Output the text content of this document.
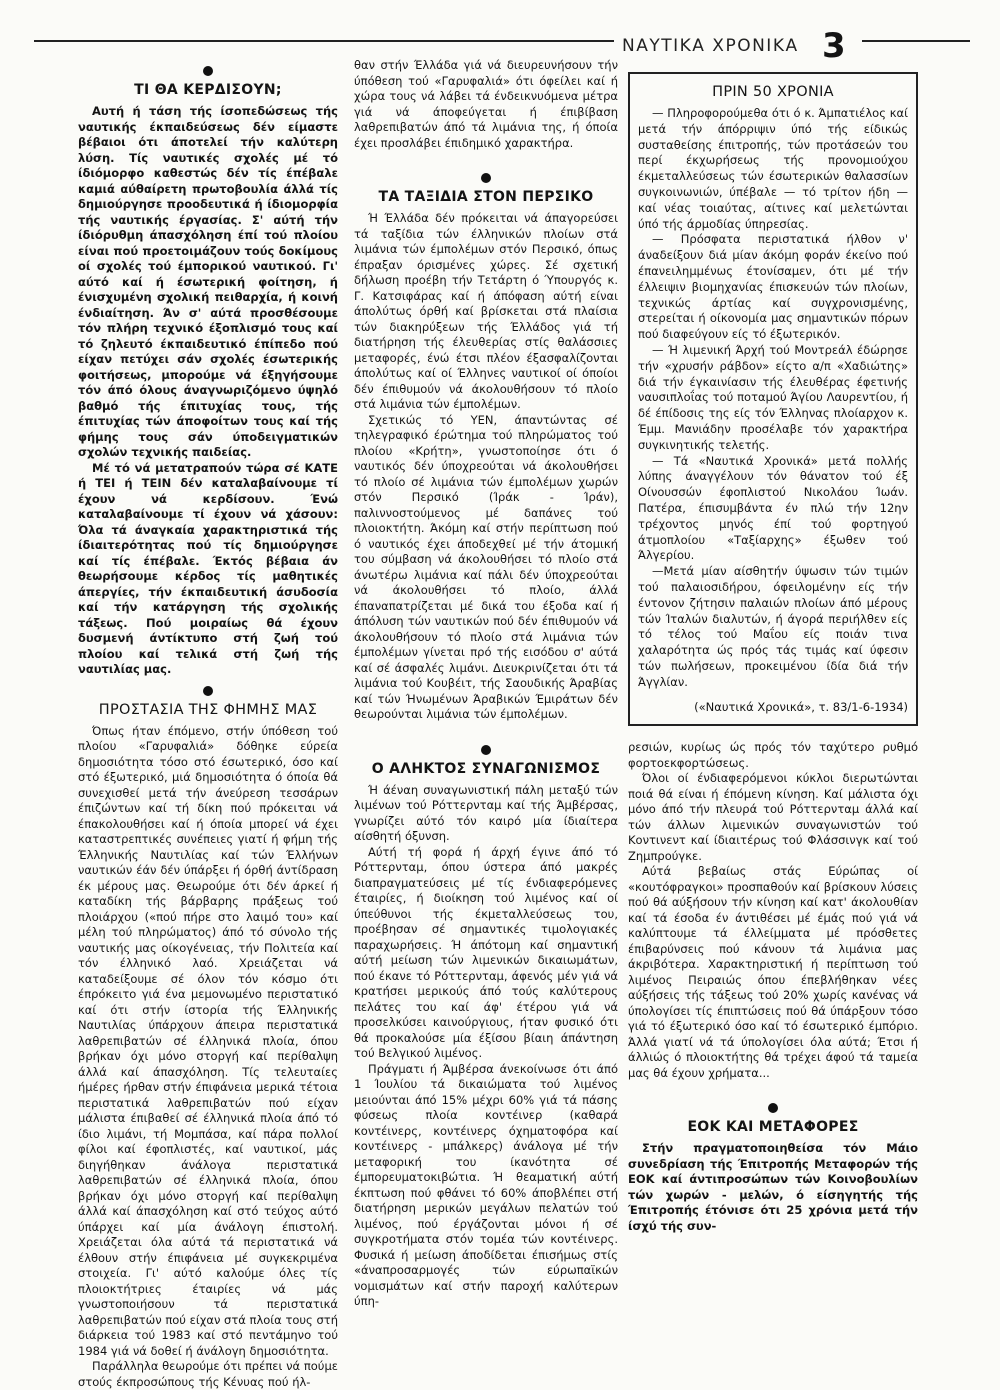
ΝΑΥΤΙΚΑ ΧΡΟΝΙΚΑ 3
ΤΙ ΘΑ ΚΕΡΔΙΣΟΥΝ;

Αυτή ή τάση τής ίσοπεδώσεως τής ναυτικής έκπαιδεύσεως δέν είμαστε βέβαιοι ότι άποτελεί τήν καλύτερη λύση. Τίς ναυτικές σχολές μέ τό ίδιόμορφο καθεστώς δέν τίς έπέβαλε καμιά αύθαίρετη πρωτοβουλία άλλά τίς δημιούργησε προοδευτικά ή ίδιομορφία τής ναυτικής έργασίας. Σ' αύτή τήν ίδιόρυθμη άπασχόληση έπί τού πλοίου είναι πού προετοιμάζουν τούς δοκίμους οί σχολές τού έμπορικού ναυτικού. Γι' αύτό καί ή έσωτερική φοίτηση, ή ένισχυμένη σχολική πειθαρχία, ή κοινή ένδιαίτηση. Άν σ' αύτά προσθέσουμε τόν πλήρη τεχνικό έξοπλισμό τους καί τό ζηλευτό έκπαιδευτικό έπίπεδο πού είχαν πετύχει σάν σχολές έσωτερικής φοιτήσεως, μπορούμε νά έξηγήσουμε τόν άπό όλους άναγνωριζόμενο ύψηλό βαθμό τής έπιτυχίας τους, τής έπιτυχίας τών άποφοίτων τους καί τής φήμης τους σάν ύποδειγματικών σχολών τεχνικής παιδείας.

Μέ τό νά μετατραπούν τώρα σέ ΚΑΤΕ ή ΤΕΙ ή ΤΕΙΝ δέν καταλαβαίνουμε τί έχουν νά κερδίσουν. Ένώ καταλαβαίνουμε τί έχουν νά χάσουν: Όλα τά άναγκαία χαρακτηριστικά τής ίδιαιτερότητας πού τίς δημιούργησε καί τίς έπέβαλε. Έκτός βέβαια άν θεωρήσουμε κέρδος τίς μαθητικές άπεργίες, τήν έκπαιδευτική άσυδοσία καί τήν κατάργηση τής σχολικής τάξεως. Πού μοιραίως θά έχουν δυσμενή άντίκτυπο στή ζωή τού πλοίου καί τελικά στή ζωή τής ναυτιλίας μας.

ΠΡΟΣΤΑΣΙΑ ΤΗΣ ΦΗΜΗΣ ΜΑΣ

Όπως ήταν έπόμενο, στήν ύπόθεση τού πλοίου «Γαρυφαλιά» δόθηκε εύρεία δημοσιότητα τόσο στό έσωτερικό, όσο καί στό έξωτερικό, μιά δημοσιότητα ό όποία θά συνεχισθεί μετά τήν άνεύρεση τεσσάρων έπιζώντων καί τή δίκη πού πρόκειται νά έπακολουθήσει καί ή όποία μπορεί νά έχει καταστρεπτικές συνέπειες γιατί ή φήμη τής Έλληνικής Ναυτιλίας καί τών Έλλήνων ναυτικών έάν δέν ύπάρξει ή όρθή άντίδραση έκ μέρους μας. Θεωρούμε ότι δέν άρκεί ή καταδίκη τής βάρβαρης πράξεως τού πλοιάρχου («πού πήρε στο λαιμό του» καί μέλη τού πληρώματος) άπό τό σύνολο τής ναυτικής μας οίκογένειας, τήν Πολιτεία καί τόν έλληνικό λαό. Χρειάζεται νά καταδείξουμε σέ όλον τόν κόσμο ότι έπρόκειτο γιά ένα μεμονωμένο περιστατικό καί ότι στήν ίστορία τής Έλληνικής Ναυτιλίας ύπάρχουν άπειρα περιστατικά λαθρεπιβατών σέ έλληνικά πλοία, όπου βρήκαν όχι μόνο στοργή καί περίθαλψη άλλά καί άπασχόληση. Τίς τελευταίες ήμέρες ήρθαν στήν έπιφάνεια μερικά τέτοια περιστατικά λαθρεπιβατών πού είχαν μάλιστα έπιβαθεί σέ έλληνικά πλοία άπό τό ίδιο λιμάνι, τή Μομπάσα, καί πάρα πολλοί φίλοι καί έφοπλιστές, καί ναυτικοί, μάς διηγήθηκαν άνάλογα περιστατικά λαθρεπιβατών σέ έλληνικά πλοία, όπου βρήκαν όχι μόνο στοργή καί περίθαλψη άλλά καί άπασχόληση καί στό τεύχος αύτό ύπάρχει καί μία άνάλογη έπιστολή. Χρειάζεται όλα αύτά τά περιστατικά νά έλθουν στήν έπιφάνεια μέ συγκεκριμένα στοιχεία. Γι' αύτό καλούμε όλες τίς πλοιοκτήτριες έταιρίες νά μάς γνωστοποιήσουν τά περιστατικά λαθρεπιβατών πού είχαν στά πλοία τους στή διάρκεια τού 1983 καί στό πεντάμηνο τού 1984 γιά νά δοθεί ή άνάλογη δημοσιότητα.

Παράλληλα θεωρούμε ότι πρέπει νά πούμε στούς έκπροσώπους τής Κένυας πού ήλ-

θαν στήν Έλλάδα γιά νά διευρευνήσουν τήν ύπόθεση τού «Γαρυφαλιά» ότι όφείλει καί ή χώρα τους νά λάβει τά ένδεικνυόμενα μέτρα γιά νά άποφεύγεται ή έπιβίβαση λαθρεπιβατών άπό τά λιμάνια της, ή όποία έχει προσλάβει έπιδημικό χαρακτήρα.

ΤΑ ΤΑΞΙΔΙΑ ΣΤΟΝ ΠΕΡΣΙΚΟ

Ή Έλλάδα δέν πρόκειται νά άπαγορεύσει τά ταξίδια τών έλληνικών πλοίων στά λιμάνια τών έμπολέμων στόν Περσικό, όπως έπραξαν όρισμένες χώρες. Σέ σχετική δήλωση προέβη τήν Τετάρτη ό Ύπουργός κ. Γ. Κατσιφάρας καί ή άπόφαση αύτή είναι άπολύτως όρθή καί βρίσκεται στά πλαίσια τών διακηρύξεων τής Έλλάδος γιά τή διατήρηση τής έλευθερίας στίς θαλάσσιες μεταφορές, ένώ έτσι πλέον έξασφαλίζονται άπολύτως καί οί Έλληνες ναυτικοί οί όποίοι δέν έπιθυμούν νά άκολουθήσουν τό πλοίο στά λιμάνια τών έμπολέμων.

Σχετικώς τό ΥΕΝ, άπαντώντας σέ τηλεγραφικό έρώτημα τού πληρώματος τού πλοίου «Κρήτη», γνωστοποίησε ότι ό ναυτικός δέν ύποχρεούται νά άκολουθήσει τό πλοίο σέ λιμάνια τών έμπολέμων χωρών στόν Περσικό (Ίράκ - Ίράν), παλιννοστούμενος μέ δαπάνες τού πλοιοκτήτη. Άκόμη καί στήν περίπτωση πού ό ναυτικός έχει άποδεχθεί μέ τήν άτομική του σύμβαση νά άκολουθήσει τό πλοίο στά άνωτέρω λιμάνια καί πάλι δέν ύποχρεούται νά άκολουθήσει τό πλοίο, άλλά έπαναπατρίζεται μέ δικά του έξοδα καί ή άπόλυση τών ναυτικών πού δέν έπιθυμούν νά άκολουθήσουν τό πλοίο στά λιμάνια τών έμπολέμων γίνεται πρό τής εισόδου σ' αύτά καί σέ άσφαλές λιμάνι. Διευκρινίζεται ότι τά λιμάνια τού Κουβέιτ, τής Σαουδικής Άραβίας καί τών Ήνωμένων Άραβικών Έμιράτων δέν θεωρούνται λιμάνια τών έμπολέμων.

Ο ΑΛΗΚΤΟΣ ΣΥΝΑΓΩΝΙΣΜΟΣ

Ή άέναη συναγωνιστική πάλη μεταξύ τών λιμένων τού Ρόττερνταμ καί τής Άμβέρσας, γνωρίζει αύτό τόν καιρό μία ίδιαίτερα αίσθητή όξυνση.

Αύτή τή φορά ή άρχή έγινε άπό τό Ρόττερνταμ, όπου ύστερα άπό μακρές διαπραγματεύσεις μέ τίς ένδιαφερόμενες έταιρίες, ή διοίκηση τού λιμένος καί οί ύπεύθυνοι τής έκμεταλλεύσεως του, προέβησαν σέ σημαντικές τιμολογιακές παραχωρήσεις. Ή άπότομη καί σημαντική αύτή μείωση τών λιμενικών δικαιωμάτων, πού έκανε τό Ρόττερνταμ, άφενός μέν γιά νά κρατήσει μερικούς άπό τούς καλύτερους πελάτες του καί άφ' έτέρου γιά νά προσελκύσει καινούργιους, ήταν φυσικό ότι θά προκαλούσε μία έξίσου βίαιη άπάντηση τού Βελγικού λιμένος.

Πράγματι ή Άμβέρσα άνεκοίνωσε ότι άπό 1 Ίουλίου τά δικαιώματα τού λιμένος μειούνται άπό 15% μέχρι 60% γιά τά πάσης φύσεως πλοία κοντέινερ (καθαρά κοντέινερς, κοντέινερς όχηματοφόρα καί κοντέινερς - μπάλκερς) άνάλογα μέ τήν μεταφορική του ίκανότητα σέ έμπορευματοκιβώτια. Ή θεαματική αύτή έκπτωση πού φθάνει τό 60% άποβλέπει στή διατήρηση μερικών μεγάλων πελατών τού λιμένος, πού έργάζονται μόνοι ή σέ συγκροτήματα στόν τομέα τών κοντέινερς. Φυσικά ή μείωση άποδίδεται έπισήμως στίς «άναπροσαρμογές τών εύρωπαϊκών νομισμάτων καί στήν παροχή καλύτερων ύπη-

ΠΡΙΝ 50 ΧΡΟΝΙΑ

— Πληροφορούμεθα ότι ό κ. Άμπατιέλος καί μετά τήν άπόρριψιν ύπό τής είδικώς συσταθείσης έπιτροπής, τών προτάσεών του περί έκχωρήσεως τής προνομιούχου έκμεταλλεύσεως τών έσωτερικών θαλασσίων συγκοινωνιών, ύπέβαλε — τό τρίτον ήδη — καί νέας τοιαύτας, αίτινες καί μελετώνται ύπό τής άρμοδίας ύπηρεσίας.

— Πρόσφατα περιστατικά ήλθον ν' άναδείξουν διά μίαν άκόμη φοράν έκείνο πού έπανειλημμένως έτονίσαμεν, ότι μέ τήν έλλειψιν βιομηχανίας έπισκευών τών πλοίων, τεχνικώς άρτίας καί συγχρονισμένης, στερείται ή οίκονομία μας σημαντικών πόρων πού διαφεύγουν είς τό έξωτερικόν.

— Ή λιμενική Άρχή τού Μοντρεάλ έδώρησε τήν «χρυσήν ράβδον» είςτο α/π «Χαδιώτης» διά τήν έγκαινίασιν τής έλευθέρας έφετινής ναυσιπλοΐας τού ποταμού Άγίου Λαυρεντίου, ή δέ έπίδοσις της είς τόν Έλληνας πλοίαρχον κ. Έμμ. Μανιάδην προσέλαβε τόν χαρακτήρα συγκινητικής τελετής.

— Τά «Ναυτικά Χρονικά» μετά πολλής λύπης άναγγέλουν τόν θάνατον τού έξ Οίνουσσών έφοπλιστού Νικολάου Ίωάν. Πατέρα, έπισυμβάντα έν πλώ τήν 12ην τρέχοντος μηνός έπί τού φορτηγού άτμοπλοίου «Ταξίαρχης» έξωθεν τού Άλγερίου.

—Μετά μίαν αίσθητήν ύψωσιν τών τιμών τού παλαιοσιδήρου, όφειλομένην είς τήν έντονον ζήτησιν παλαιών πλοίων άπό μέρους τών Ίταλών διαλυτών, ή άγορά περιήλθεν είς τό τέλος τού Μαΐου είς ποιάν τινα χαλαρότητα ώς πρός τάς τιμάς καί ύφεσιν τών πωλήσεων, προκειμένου ίδία διά τήν Άγγλίαν.

(«Ναυτικά Χρονικά», τ. 83/1-6-1934)

ρεσιών, κυρίως ώς πρός τόν ταχύτερο ρυθμό φορτοεκφορτώσεως.

Όλοι οί ένδιαφερόμενοι κύκλοι διερωτώνται ποιά θά είναι ή έπόμενη κίνηση. Καί μάλιστα όχι μόνο άπό τήν πλευρά τού Ρόττερνταμ άλλά καί τών άλλων λιμενικών συναγωνιστών τού Κοντινεντ καί ίδιαιτέρως τού Φλάσσινγκ καί τού Ζημπρούγκε.

Αύτά βεβαίως στάς Εύρώπας οί «κουτόφραγκοι» προσπαθούν καί βρίσκουν λύσεις πού θά αύξήσουν τήν κίνηση καί κατ' άκολουθίαν καί τά έσοδα έν άντιθέσει μέ έμάς πού γιά νά καλύπτουμε τά έλλείμματα μέ πρόσθετες έπιβαρύνσεις πού κάνουν τά λιμάνια μας άκριβότερα. Χαρακτηριστική ή περίπτωση τού λιμένος Πειραιώς όπου έπεβλήθηκαν νέες αύξήσεις τής τάξεως τού 20% χωρίς κανένας νά ύπολογίσει τίς έπιπτώσεις πού θά ύπάρξουν τόσο γιά τό έξωτερικό όσο καί τό έσωτερικό έμπόριο. Άλλά γιατί νά τά ύπολογίσει όλα αύτά; Έτσι ή άλλιώς ό πλοιοκτήτης θά τρέχει άφού τά ταμεία μας θά έχουν χρήματα...

ΕΟΚ ΚΑΙ ΜΕΤΑΦΟΡΕΣ

Στήν πραγματοποιηθείσα τόν Μάιο συνεδρίαση τής Έπιτροπής Μεταφορών τής ΕΟΚ καί άντιπροσώπων τών Κοινοβουλίων τών χωρών - μελών, ό είσηγητής τής Έπιτροπής έτόνισε ότι 25 χρόνια μετά τήν ίσχύ τής συν-
